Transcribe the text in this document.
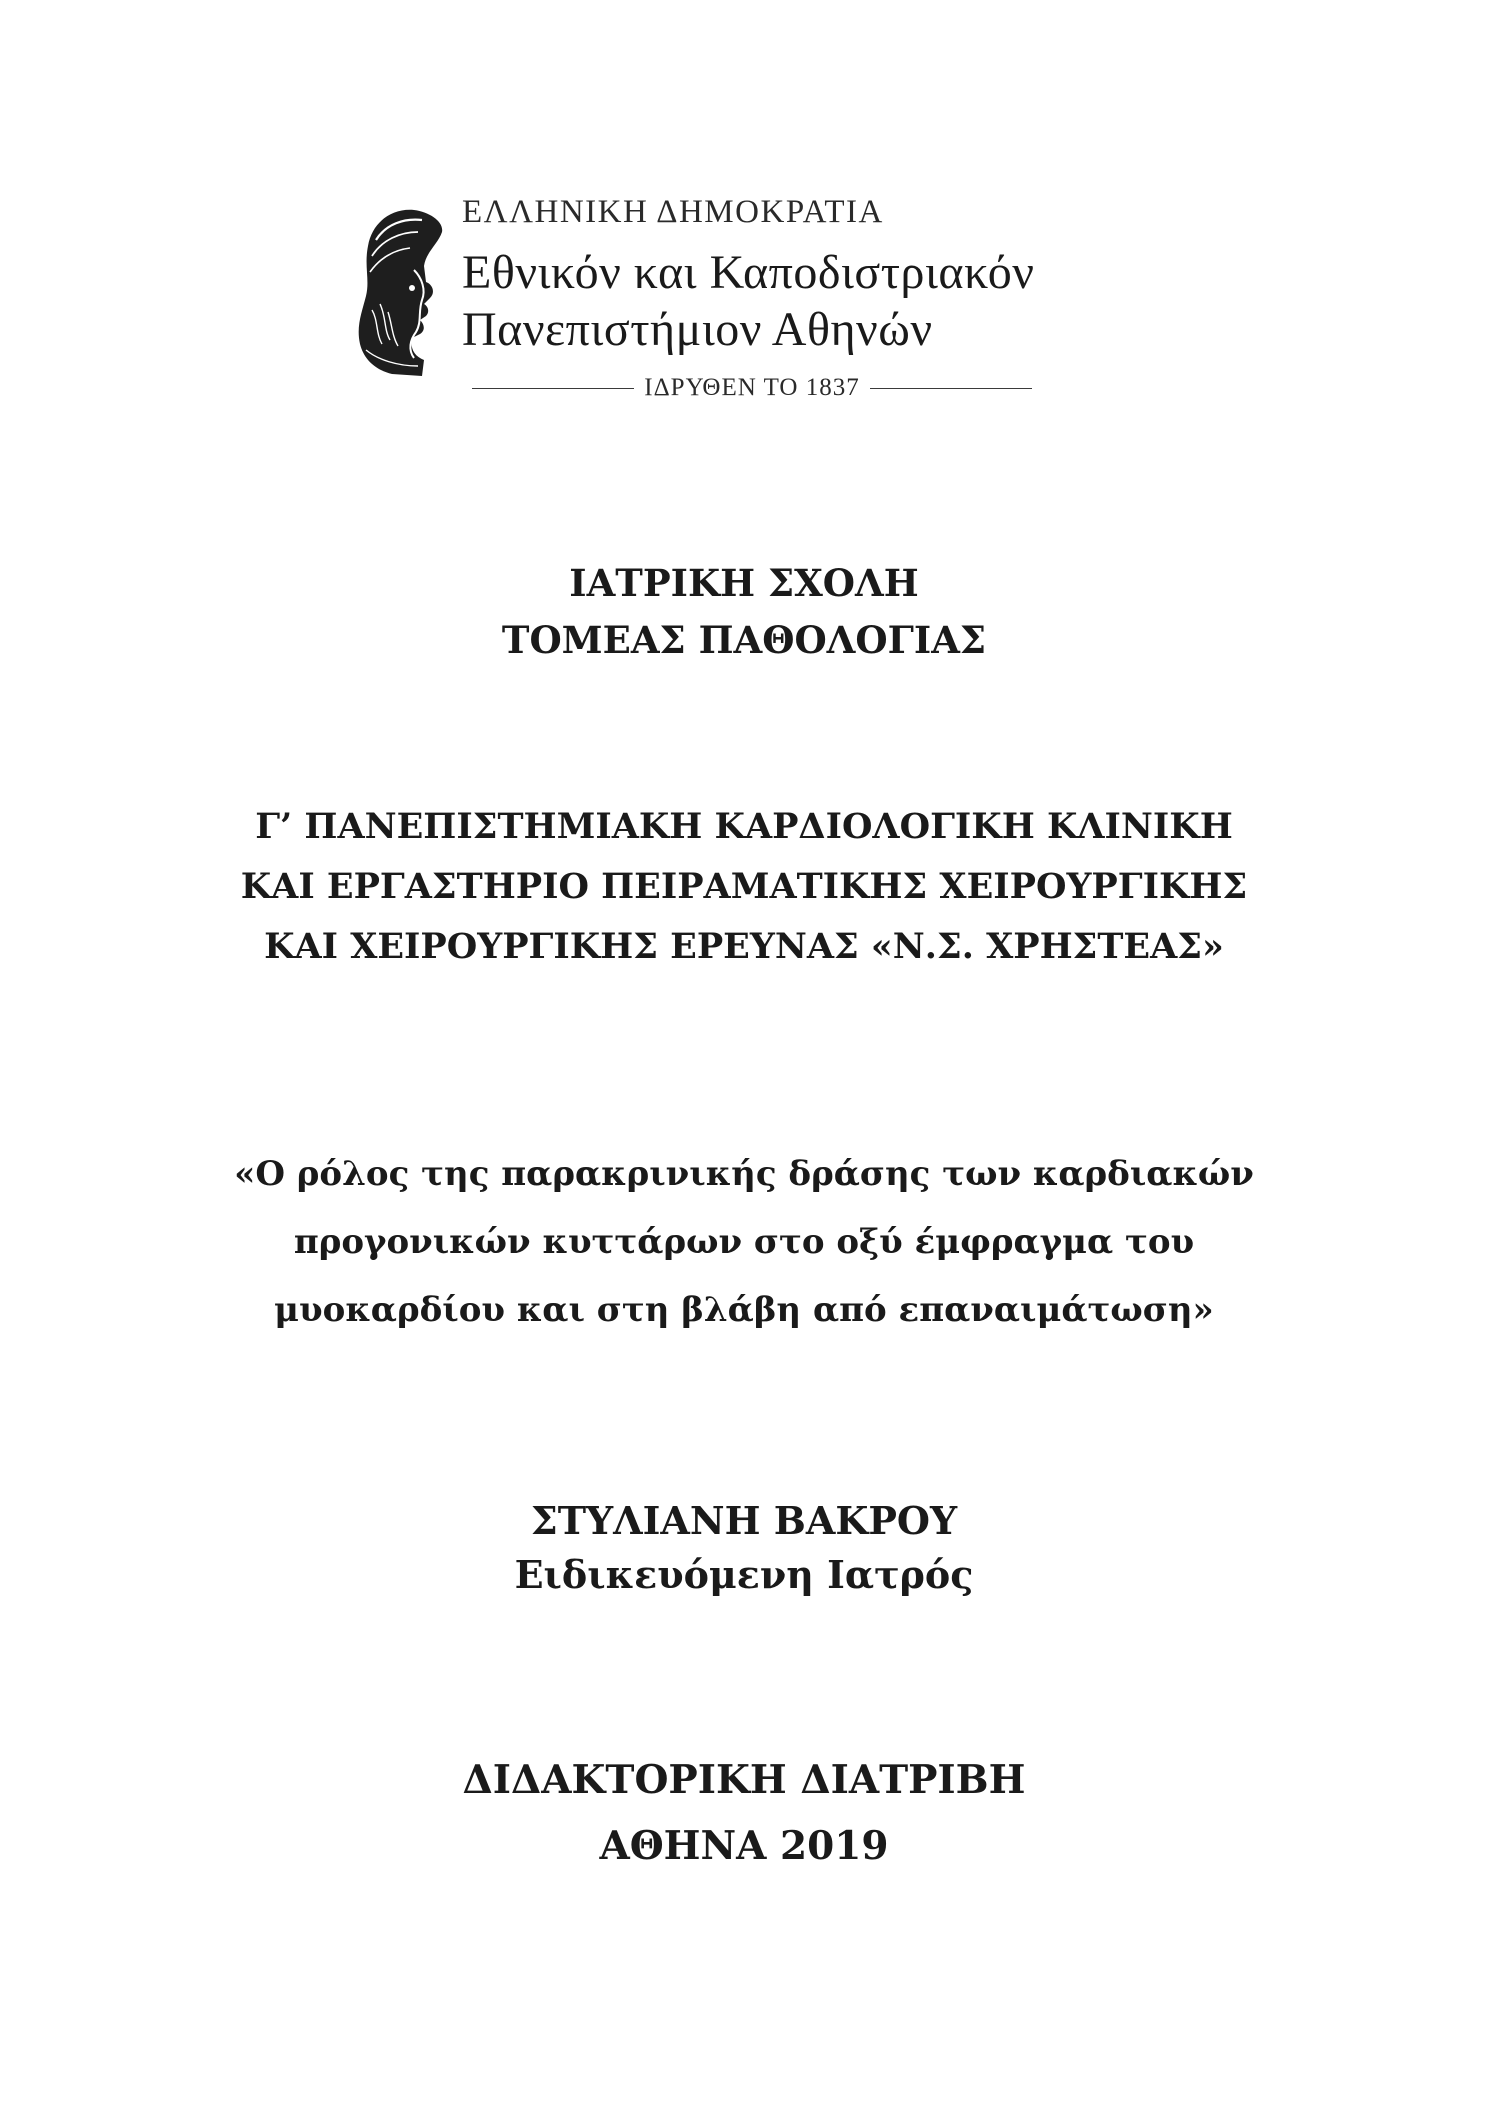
ΕΛΛΗΝΙΚΗ ΔΗΜΟΚΡΑΤΙΑ
Εθνικόν και Καποδιστριακόν
Πανεπιστήμιον Αθηνών
ΙΔΡΥΘΕΝ ΤΟ 1837
ΙΑΤΡΙΚΗ ΣΧΟΛΗ
ΤΟΜΕΑΣ ΠΑΘΟΛΟΓΙΑΣ
Γ’ ΠΑΝΕΠΙΣΤΗΜΙΑΚΗ ΚΑΡΔΙΟΛΟΓΙΚΗ ΚΛΙΝΙΚΗ
ΚΑΙ ΕΡΓΑΣΤΗΡΙΟ ΠΕΙΡΑΜΑΤΙΚΗΣ ΧΕΙΡΟΥΡΓΙΚΗΣ
ΚΑΙ ΧΕΙΡΟΥΡΓΙΚΗΣ ΕΡΕΥΝΑΣ «Ν.Σ. ΧΡΗΣΤΕΑΣ»
«Ο ρόλος της παρακρινικής δράσης των καρδιακών
προγονικών κυττάρων στο οξύ έμφραγμα του
μυοκαρδίου και στη βλάβη από επαναιμάτωση»
ΣΤΥΛΙΑΝΗ ΒΑΚΡΟΥ
Ειδικευόμενη Ιατρός
ΔΙΔΑΚΤΟΡΙΚΗ ΔΙΑΤΡΙΒΗ
ΑΘΗΝΑ 2019
